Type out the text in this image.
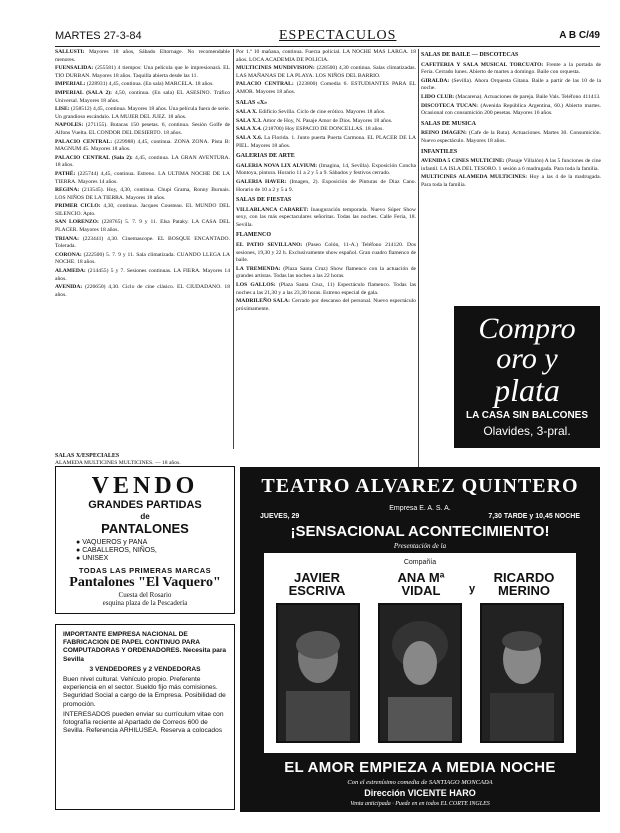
MARTES 27-3-84	ESPECTACULOS	A B C/49
SALLUSTI: Mayores 18 años, Sábado Eltornage. No recomendable menores.
FUENSALIDA: (255581) 4 tiempos: Una película que le impresionará. EL TIO DURBAN. Mayores 18 años. Taquilla abierta desde las 11.
IMPERIAL: (228931) 4,45, continua. (En sala) MARCELA. 18 años.
IMPERIAL (SALA 2): 4,50, continua. (En sala) EL ASESINO. Tráfico Universal. Mayores 18 años.
LISE: (258512) 4,45, continua. Mayores 18 años. Una película fuera de serie. Un grandioso escándalo. LA MUJER DEL JUEZ. 18 años.
NAPOLES: (271155). Butacas 150 pesetas. 6, continua. Sesión Golfe de Alfons Vuelta. EL CONDOR DEL DESIERTO. 18 años.
PALACIO CENTRAL: (229988) 4,45, continua. ZONA ZONA. Pista B: MAGNUM 45. Mayores 18 años.
PALACIO CENTRAL (Sala 2): 4,45, continua. LA GRAN AVENTURA. 18 años.
PATHÉ: (225744) 4,45, continua. Estreno. LA ULTIMA NOCHE DE LA TIERRA. Mayores 14 años.
REGINA: (213545). Hoy, 4,30, continua. Chupi Grama, Ronny Burnais. LOS NIÑOS DE LA TIERRA. Mayores 18 años.
PRIMER CICLO: 4,30, continua. Jacques Cousteau. EL MUNDO DEL SILENCIO. Apto.
SAN LORENZO: (228765) 5. 7. 9 y 11. Elsa Pataky. LA CASA DEL PLACER. Mayores 18 años.
TRIANA: (223441) 4,30. Cinemascope. EL BOSQUE ENCANTADO. Tolerada.
CORONA: (222500) 5. 7. 9 y 11. Sala climatizada. CUANDO LLEGA LA NOCHE. 18 años.
ALAMEDA: (214455) 5 y 7. Sesiones continuas. LA FIERA. Mayores 14 años.
AVENIDA: (226650) 4,30. Ciclo de cine clásico. EL CIUDADANO. 18 años.
Por 1.ª 10 mañana, continua. Fuerza policial. LA NOCHE MAS LARGA. 18 años. LOCA ACADEMIA DE POLICIA.
MULTICINES MUNDIVISION: (228500) 4,30 continua. Salas climatizadas. LAS MAÑANAS DE LA PLAYA. LOS NIÑOS DEL BARRIO.
PALACIO CENTRAL: (223800) Comedia 6. ESTUDIANTES PARA EL AMOR. Mayores 18 años.
SALAS «X»
SALA X. Edificio Sevilla. Ciclo de cine erótico. Mayores 18 años.
SALA X.3. Amor de Hoy, N. Pasaje Amor de Dios. Mayores 18 años.
SALA X.4. (218700) Hoy ESPACIO DE DONCELLAS. 18 años.
SALA X.6. La Florida. 1. Junto puerta Puerta Carmona. EL PLACER DE LA PIEL. Mayores 18 años.
GALERIAS DE ARTE
GALERIA NOVA LIX ALVIUM: (Imagina, 14, Sevilla). Exposición Concha Montoya, pintura. Horario 11 a 2 y 5 a 9. Sábados y festivos cerrado.
GALERIA HAVER: (Imagen, 2). Exposición de Pinturas de Diaz Cano. Horario de 10 a 2 y 5 a 9.
SALAS DE FIESTAS
VILLABLANCA CABARET: Inauguración temporada. Nuevo Súper Show sexy, con las más espectaculares señoritas. Todas las noches. Calle Feria, 18. Sevilla.
FLAMENCO
EL PATIO SEVILLANO: (Paseo Colón, 11-A.) Teléfono 214120. Dos sesiones, 19,30 y 22 h. Exclusivamente show español. Gran cuadro flamenco de baile.
LA TREMENDA: (Plaza Santa Cruz) Show flamenco con la actuación de grandes artistas. Todas las noches a las 22 horas.
LOS GALLOS: (Plaza Santa Cruz, 11) Espectáculo flamenco. Todas las noches a las 21,30 y a las 23,30 horas. Estreno especial de gala.
MADRILEÑO SALA: Cerrado por descanso del personal. Nuevo espectáculo próximamente.
SALAS DE BAILE — DISCOTECAS
CAFETERIA Y SALA MUSICAL TORCUATO: Frente a la portada de Feria. Cerrado lunes. Abierto de martes a domingo. Baile con orquesta.
GIRALDA: (Sevilla). Ahora Orquesta Gitana. Baile a partir de las 10 de la noche.
LIDO CLUB: (Macarena). Actuaciones de pareja. Baile Vals. Teléfono 411413.
DISCOTECA TUCAN: (Avenida República Argentina, 60.) Abierto martes. Ocasional con consumición 200 pesetas. Mayores 16 años.
SALAS DE MUSICA
REINO IMAGEN: (Cafe de la Ruta). Actuaciones. Martes 30. Consumición. Nuevo espectáculo. Mayores 18 años.
INFANTILES
AVENIDA 5 CINES MULTICINE: (Pasaje Villalón) A las 5 funciones de cine infantil. LA ISLA DEL TESORO. 1 sesión a 6 madrugada. Para toda la familia.
MULTICINES ALAMEDA MULTICINES: Hoy a las 4 de la madrugada. Para toda la familia.
SALAS X/ESPECIALES
ALAMEDA MULTICINES MULTICINES. — 18 años.
VENDO
GRANDES PARTIDAS
de
PANTALONES
● VAQUEROS y PANA
● CABALLEROS, NIÑOS,
● UNISEX
TODAS LAS PRIMERAS MARCAS
Pantalones "El Vaquero"
Cuesta del Rosario
esquina plaza de la Pescadería

IMPORTANTE EMPRESA NACIONAL DE FABRICACION DE PAPEL CONTINUO PARA COMPUTADORAS Y ORDENADORES. Necesita para Sevilla

3 VENDEDORES y 2 VENDEDORAS

Buen nivel cultural. Vehículo propio. Preferente experiencia en el sector. Sueldo fijo más comisiones. Seguridad Social a cargo de la Empresa. Posibilidad de promoción.

INTERESADOS pueden enviar su currículum vitae con fotografía reciente al Apartado de Correos 600 de Sevilla. Referencia ARHILUSEA. Reserva a colocados

Compro
oro y
plata
LA CASA SIN BALCONES
Olavides, 3-pral.
TEATRO ALVAREZ QUINTERO
Empresa E. A. S. A.
JUEVES, 29	7,30 TARDE y 10,45 NOCHE
¡SENSACIONAL ACONTECIMIENTO!
Presentación de la
Compañía
JAVIER
ESCRIVA
ANA Mª
VIDAL	y
RICARDO
MERINO
EL AMOR EMPIEZA A MEDIA NOCHE
Con el estrenísimo comedia de SANTIAGO MONCADA
Dirección VICENTE HARO
Venta anticipada · Puede en en todos EL CORTE INGLES
